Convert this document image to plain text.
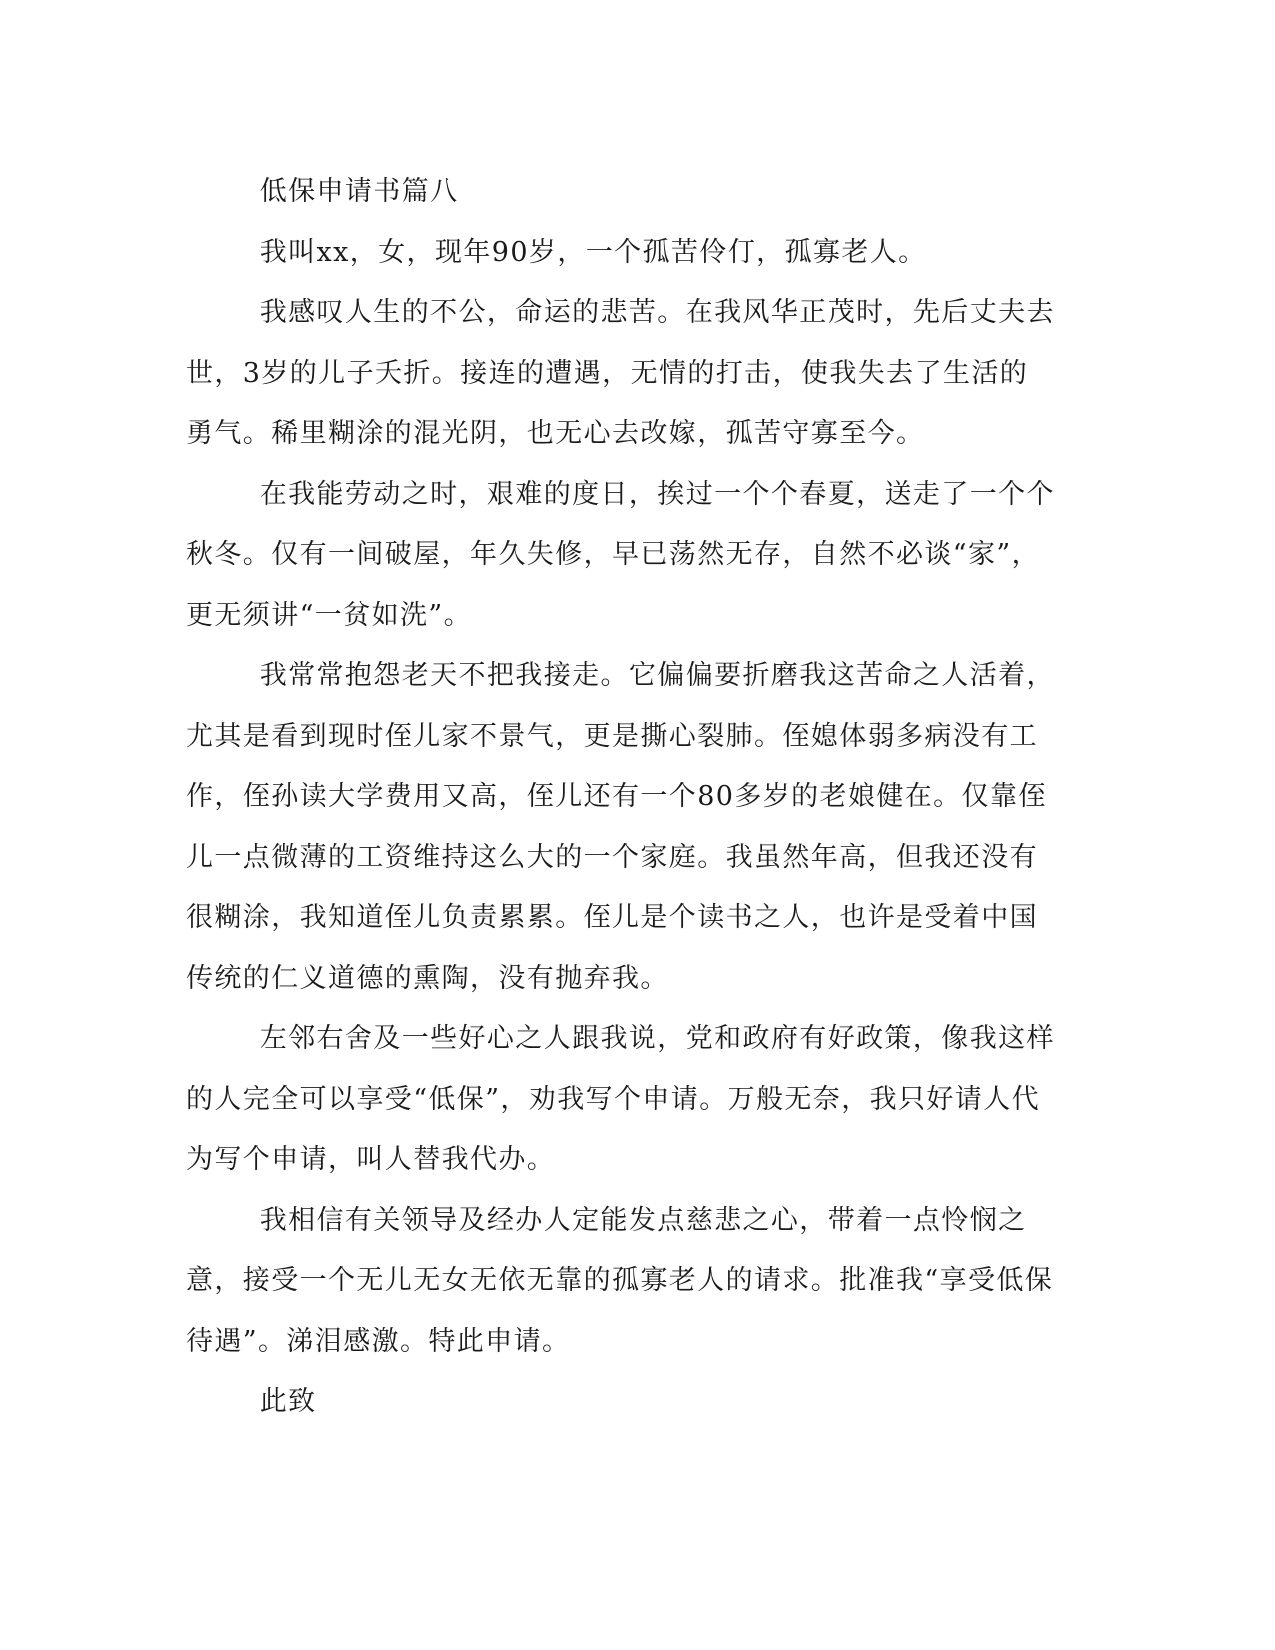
低保申请书篇八

我叫xx，女，现年90岁，一个孤苦伶仃，孤寡老人。

我感叹人生的不公，命运的悲苦。在我风华正茂时，先后丈夫去世，3岁的儿子夭折。接连的遭遇，无情的打击，使我失去了生活的勇气。稀里糊涂的混光阴，也无心去改嫁，孤苦守寡至今。

在我能劳动之时，艰难的度日，挨过一个个春夏，送走了一个个秋冬。仅有一间破屋，年久失修，早已荡然无存，自然不必谈“家”，更无须讲“一贫如洗”。

我常常抱怨老天不把我接走。它偏偏要折磨我这苦命之人活着，尤其是看到现时侄儿家不景气，更是撕心裂肺。侄媳体弱多病没有工作，侄孙读大学费用又高，侄儿还有一个80多岁的老娘健在。仅靠侄儿一点微薄的工资维持这么大的一个家庭。我虽然年高，但我还没有很糊涂，我知道侄儿负责累累。侄儿是个读书之人，也许是受着中国传统的仁义道德的熏陶，没有抛弃我。

左邻右舍及一些好心之人跟我说，党和政府有好政策，像我这样的人完全可以享受“低保”，劝我写个申请。万般无奈，我只好请人代为写个申请，叫人替我代办。

我相信有关领导及经办人定能发点慈悲之心，带着一点怜悯之意，接受一个无儿无女无依无靠的孤寡老人的请求。批准我“享受低保待遇”。涕泪感激。特此申请。

此致
